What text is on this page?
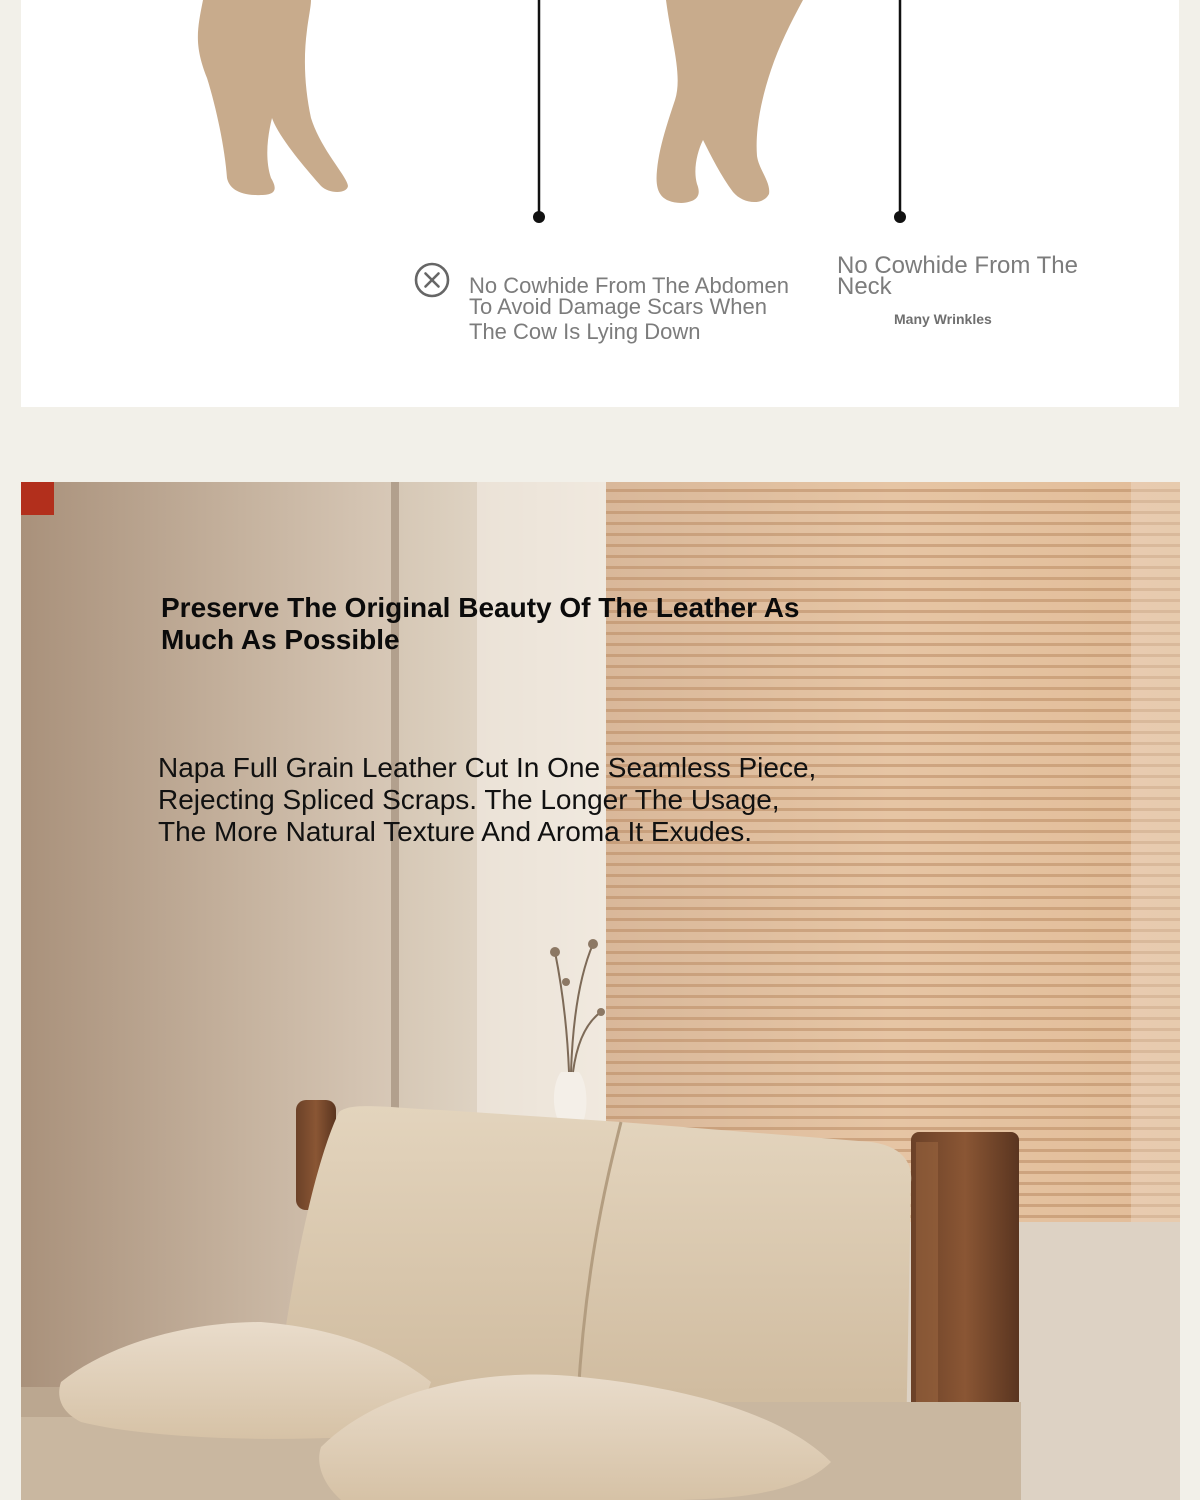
No Cowhide From The Abdomen
To Avoid Damage Scars When
The Cow Is Lying Down
No Cowhide From The
Neck
Many Wrinkles
Preserve The Original Beauty Of The Leather As
Much As Possible
Napa Full Grain Leather Cut In One Seamless Piece,
Rejecting Spliced Scraps. The Longer The Usage,
The More Natural Texture And Aroma It Exudes.
